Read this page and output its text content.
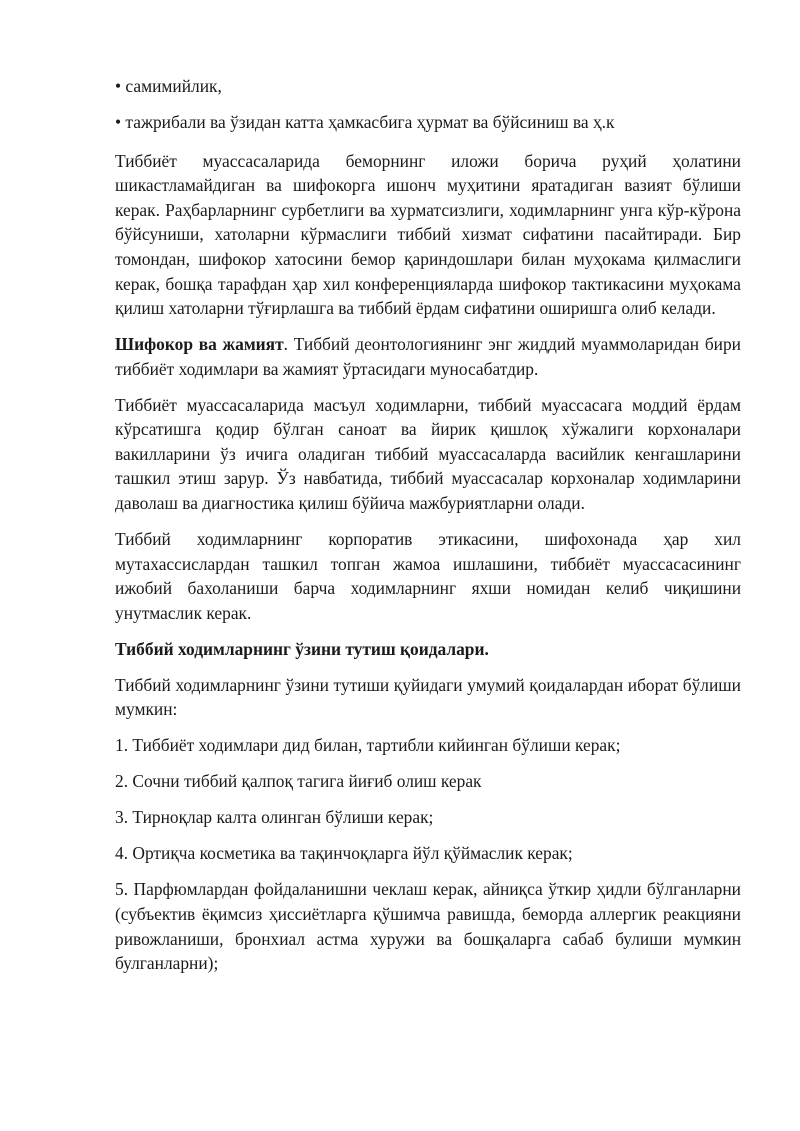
• самимийлик,

• тажрибали ва ўзидан катта ҳамкасбига ҳурмат ва бўйсиниш ва ҳ.к

Тиббиёт муассасаларида беморнинг иложи борича руҳий ҳолатини шикастламайдиган ва шифокорга ишонч муҳитини яратадиган вазият бўлиши керак. Раҳбарларнинг сурбетлиги ва хурматсизлиги, ходимларнинг унга кўр-кўрона бўйсуниши, хатоларни кўрмаслиги тиббий хизмат сифатини пасайтиради. Бир томондан, шифокор хатосини бемор қариндошлари билан муҳокама қилмаслиги керак, бошқа тарафдан ҳар хил конференцияларда шифокор тактикасини муҳокама қилиш хатоларни тўғирлашга ва тиббий ёрдам сифатини оширишга олиб келади.

Шифокор ва жамият. Тиббий деонтологиянинг энг жиддий муаммоларидан бири тиббиёт ходимлари ва жамият ўртасидаги муносабатдир.

Тиббиёт муассасаларида масъул ходимларни, тиббий муассасага моддий ёрдам кўрсатишга қодир бўлган саноат ва йирик қишлоқ хўжалиги корхоналари вакилларини ўз ичига оладиган тиббий муассасаларда васийлик кенгашларини ташкил этиш зарур. Ўз навбатида, тиббий муассасалар корхоналар ходимларини даволаш ва диагностика қилиш бўйича мажбуриятларни олади.

Тиббий ходимларнинг корпоратив этикасини, шифохонада ҳар хил мутахассислардан ташкил топган жамоа ишлашини, тиббиёт муассасасининг ижобий бахоланиши барча ходимларнинг яхши номидан келиб чиқишини унутмаслик керак.

Тиббий ходимларнинг ўзини тутиш қоидалари.

Тиббий ходимларнинг ўзини тутиши қуйидаги умумий қоидалардан иборат бўлиши мумкин:

1. Тиббиёт ходимлари дид билан, тартибли кийинган бўлиши керак;

2. Сочни тиббий қалпоқ тагига йиғиб олиш керак

3. Тирноқлар калта олинган бўлиши керак;

4. Ортиқча косметика ва тақинчоқларга йўл қўймаслик керак;

5. Парфюмлардан фойдаланишни чеклаш керак, айниқса ўткир ҳидли бўлганларни (субъектив ёқимсиз ҳиссиётларга қўшимча равишда, беморда аллергик реакцияни ривожланиши, бронхиал астма хуружи ва бошқаларга сабаб булиши мумкин булганларни);
